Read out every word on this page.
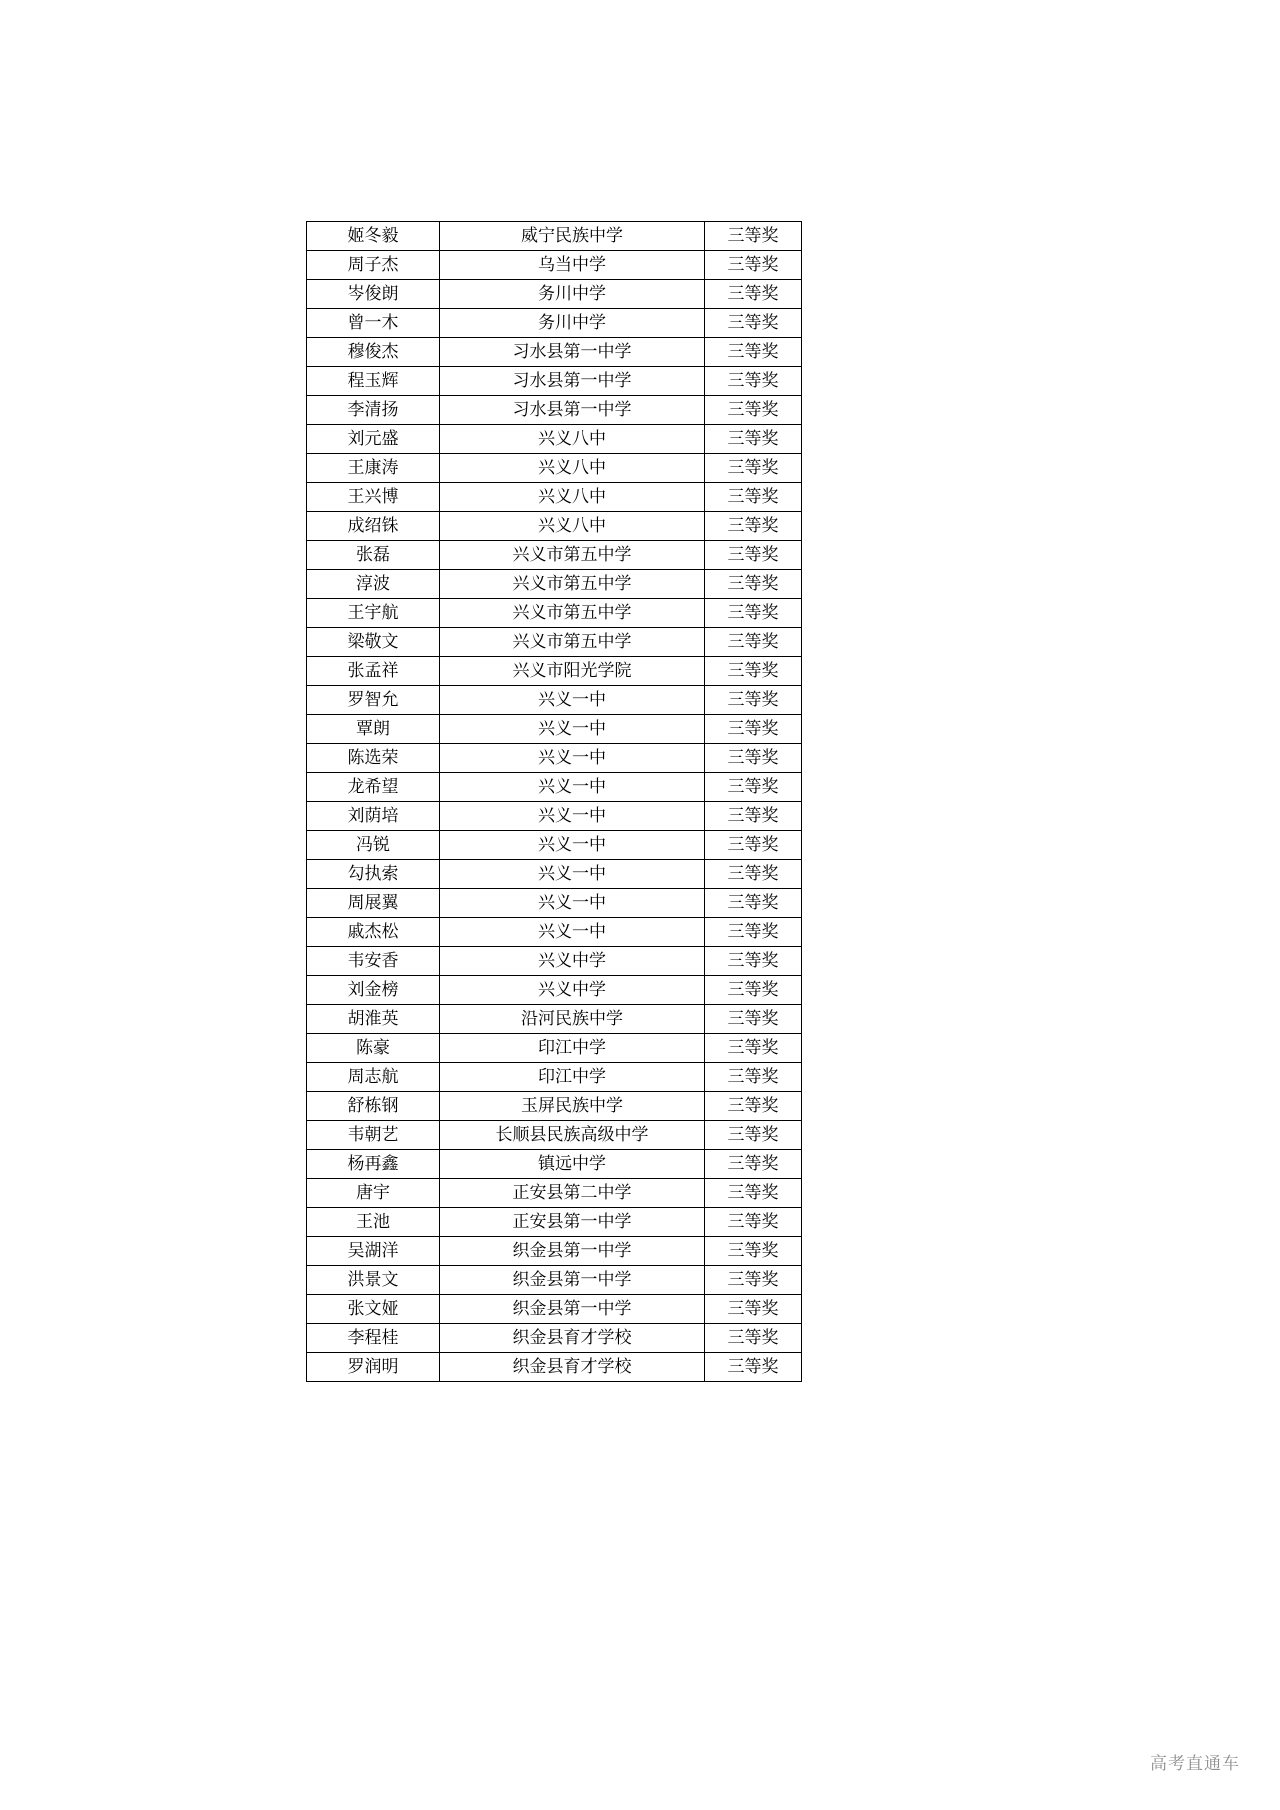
姬冬毅	威宁民族中学	三等奖
周子杰	乌当中学	三等奖
岑俊朗	务川中学	三等奖
曾一木	务川中学	三等奖
穆俊杰	习水县第一中学	三等奖
程玉辉	习水县第一中学	三等奖
李清扬	习水县第一中学	三等奖
刘元盛	兴义八中	三等奖
王康涛	兴义八中	三等奖
王兴博	兴义八中	三等奖
成绍铢	兴义八中	三等奖
张磊	兴义市第五中学	三等奖
淳波	兴义市第五中学	三等奖
王宇航	兴义市第五中学	三等奖
梁敬文	兴义市第五中学	三等奖
张孟祥	兴义市阳光学院	三等奖
罗智允	兴义一中	三等奖
覃朗	兴义一中	三等奖
陈选荣	兴义一中	三等奖
龙希望	兴义一中	三等奖
刘荫培	兴义一中	三等奖
冯锐	兴义一中	三等奖
勾执索	兴义一中	三等奖
周展翼	兴义一中	三等奖
戚杰松	兴义一中	三等奖
韦安香	兴义中学	三等奖
刘金榜	兴义中学	三等奖
胡淮英	沿河民族中学	三等奖
陈豪	印江中学	三等奖
周志航	印江中学	三等奖
舒栋钢	玉屏民族中学	三等奖
韦朝艺	长顺县民族高级中学	三等奖
杨再鑫	镇远中学	三等奖
唐宇	正安县第二中学	三等奖
王池	正安县第一中学	三等奖
吴湖洋	织金县第一中学	三等奖
洪景文	织金县第一中学	三等奖
张文娅	织金县第一中学	三等奖
李程桂	织金县育才学校	三等奖
罗润明	织金县育才学校	三等奖
高考直通车
